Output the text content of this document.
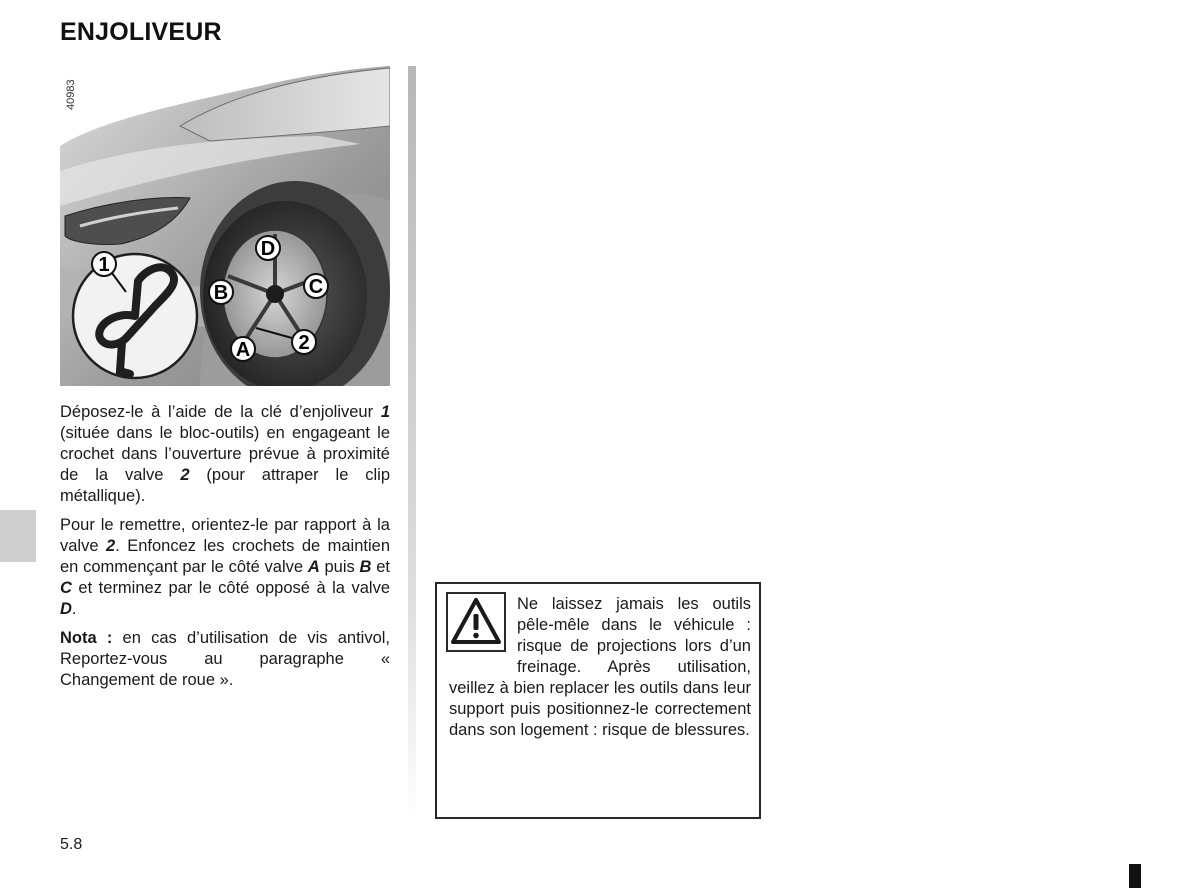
ENJOLIVEUR
1
D
B	C
2
A
40983

Déposez-le à l’aide de la clé d’enjoliveur 1 (située dans le bloc-outils) en engageant le crochet dans l’ouverture prévue à proximité de la valve 2 (pour attraper le clip métallique).

Pour le remettre, orientez-le par rapport à la valve 2. Enfoncez les crochets de maintien en commençant par le côté valve A puis B et C et terminez par le côté opposé à la valve D.

Nota : en cas d’utilisation de vis antivol, Reportez-vous au paragraphe « Changement de roue ».

Ne laissez jamais les outils pêle-mêle dans le véhicule : risque de projections lors d’un freinage. Après utilisation, veillez à bien replacer les outils dans leur support puis positionnez-le correctement dans son logement : risque de blessures.

5.8
